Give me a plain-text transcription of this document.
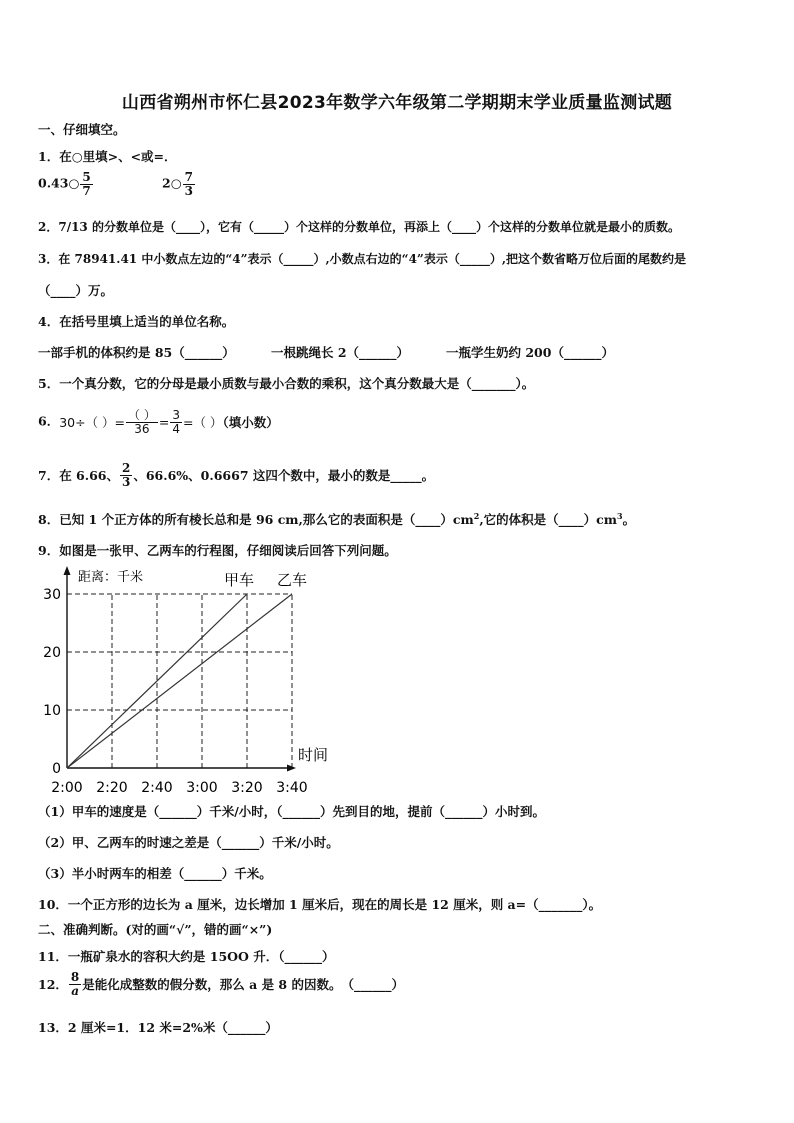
山西省朔州市怀仁县2023年数学六年级第二学期期末学业质量监测试题
一、仔细填空。
1．在○里填>、<或=．
0.43○ $\frac{5}{7}$	2○ $\frac{7}{3}$
2．7/13 的分数单位是（____），它有（_____）个这样的分数单位，再添上（____）个这样的分数单位就是最小的质数。
3．在 78941.41 中小数点左边的“4”表示（_____）,小数点右边的“4”表示（_____）,把这个数省略万位后面的尾数约是
（____）万。
4．在括号里填上适当的单位名称。
一部手机的体积约是 85（______）	一根跳绳长 2（______）	一瓶学生奶约 200（______）
5．一个真分数，它的分母是最小质数与最小合数的乘积，这个真分数最大是（_______）。
6．30÷（ ）= $\frac{( )}{36} = \frac{3}{4}$ =（ ）（填小数）
7．在 6.66、 $\frac{2}{3}$ 、66.6%、0.6667 这四个数中，最小的数是_____。
8．已知 1 个正方体的所有棱长总和是 96 cm,那么它的表面积是$(\_\_\_\_)cm^2$,它的体积是$(\_\_\_\_)cm^3$。
9．如图是一张甲、乙两车的行程图，仔细阅读后回答下列问题。
距离：千米
时间
0
10
20
30
2:00 2:20 2:40 3:00 3:20 3:40
甲车 乙车
（1）甲车的速度是（______）千米/小时，（______）先到目的地，提前（______）小时到。
（2）甲、乙两车的时速之差是（______）千米/小时。
（3）半小时两车的相差（______）千米。
10．一个正方形的边长为 a 厘米，边长增加 1 厘米后，现在的周长是 12 厘米，则 a=（_______）。
二、准确判断。(对的画“√”，错的画“×”)
11．一瓶矿泉水的容积大约是 15OO 升．（______）
12． $\frac{8}{a}$ 是能化成整数的假分数，那么 a 是 8 的因数。　（______）
13．2 厘米=1．12 米=2%米（______）
